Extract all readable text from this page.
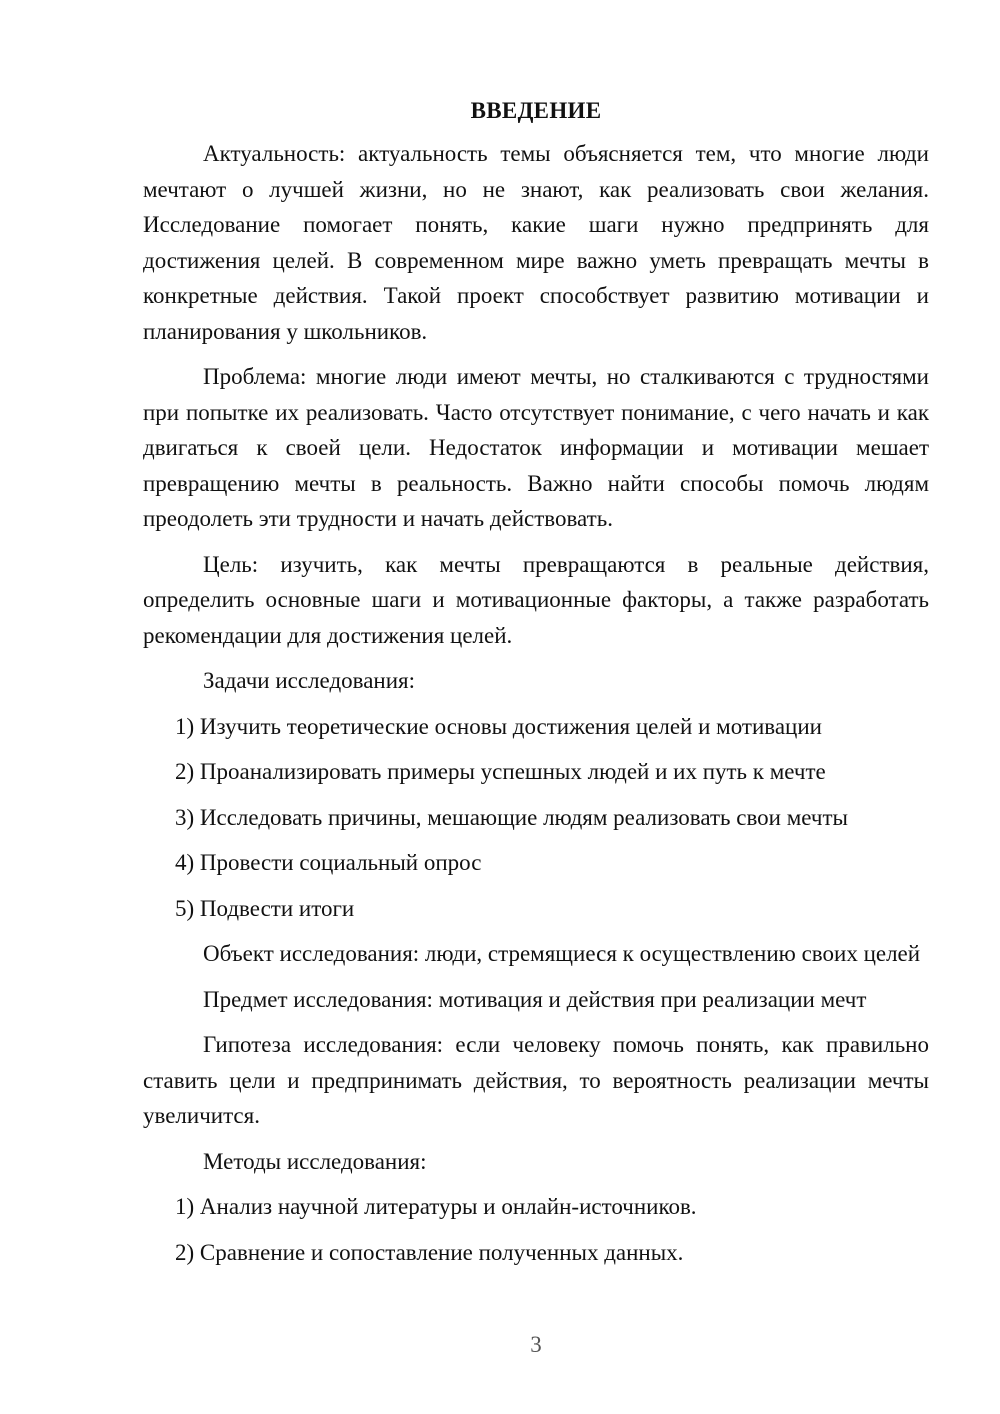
ВВЕДЕНИЕ

Актуальность: актуальность темы объясняется тем, что многие люди мечтают о лучшей жизни, но не знают, как реализовать свои желания. Исследование помогает понять, какие шаги нужно предпринять для достижения целей. В современном мире важно уметь превращать мечты в конкретные действия. Такой проект способствует развитию мотивации и планирования у школьников.

Проблема: многие люди имеют мечты, но сталкиваются с трудностями при попытке их реализовать. Часто отсутствует понимание, с чего начать и как двигаться к своей цели. Недостаток информации и мотивации мешает превращению мечты в реальность. Важно найти способы помочь людям преодолеть эти трудности и начать действовать.

Цель: изучить, как мечты превращаются в реальные действия, определить основные шаги и мотивационные факторы, а также разработать рекомендации для достижения целей.

Задачи исследования:
1) Изучить теоретические основы достижения целей и мотивации
2) Проанализировать примеры успешных людей и их путь к мечте
3) Исследовать причины, мешающие людям реализовать свои мечты
4) Провести социальный опрос
5) Подвести итоги

Объект исследования: люди, стремящиеся к осуществлению своих целей

Предмет исследования: мотивация и действия при реализации мечт

Гипотеза исследования: если человеку помочь понять, как правильно ставить цели и предпринимать действия, то вероятность реализации мечты увеличится.

Методы исследования:
1) Анализ научной литературы и онлайн-источников.
2) Сравнение и сопоставление полученных данных.
3
